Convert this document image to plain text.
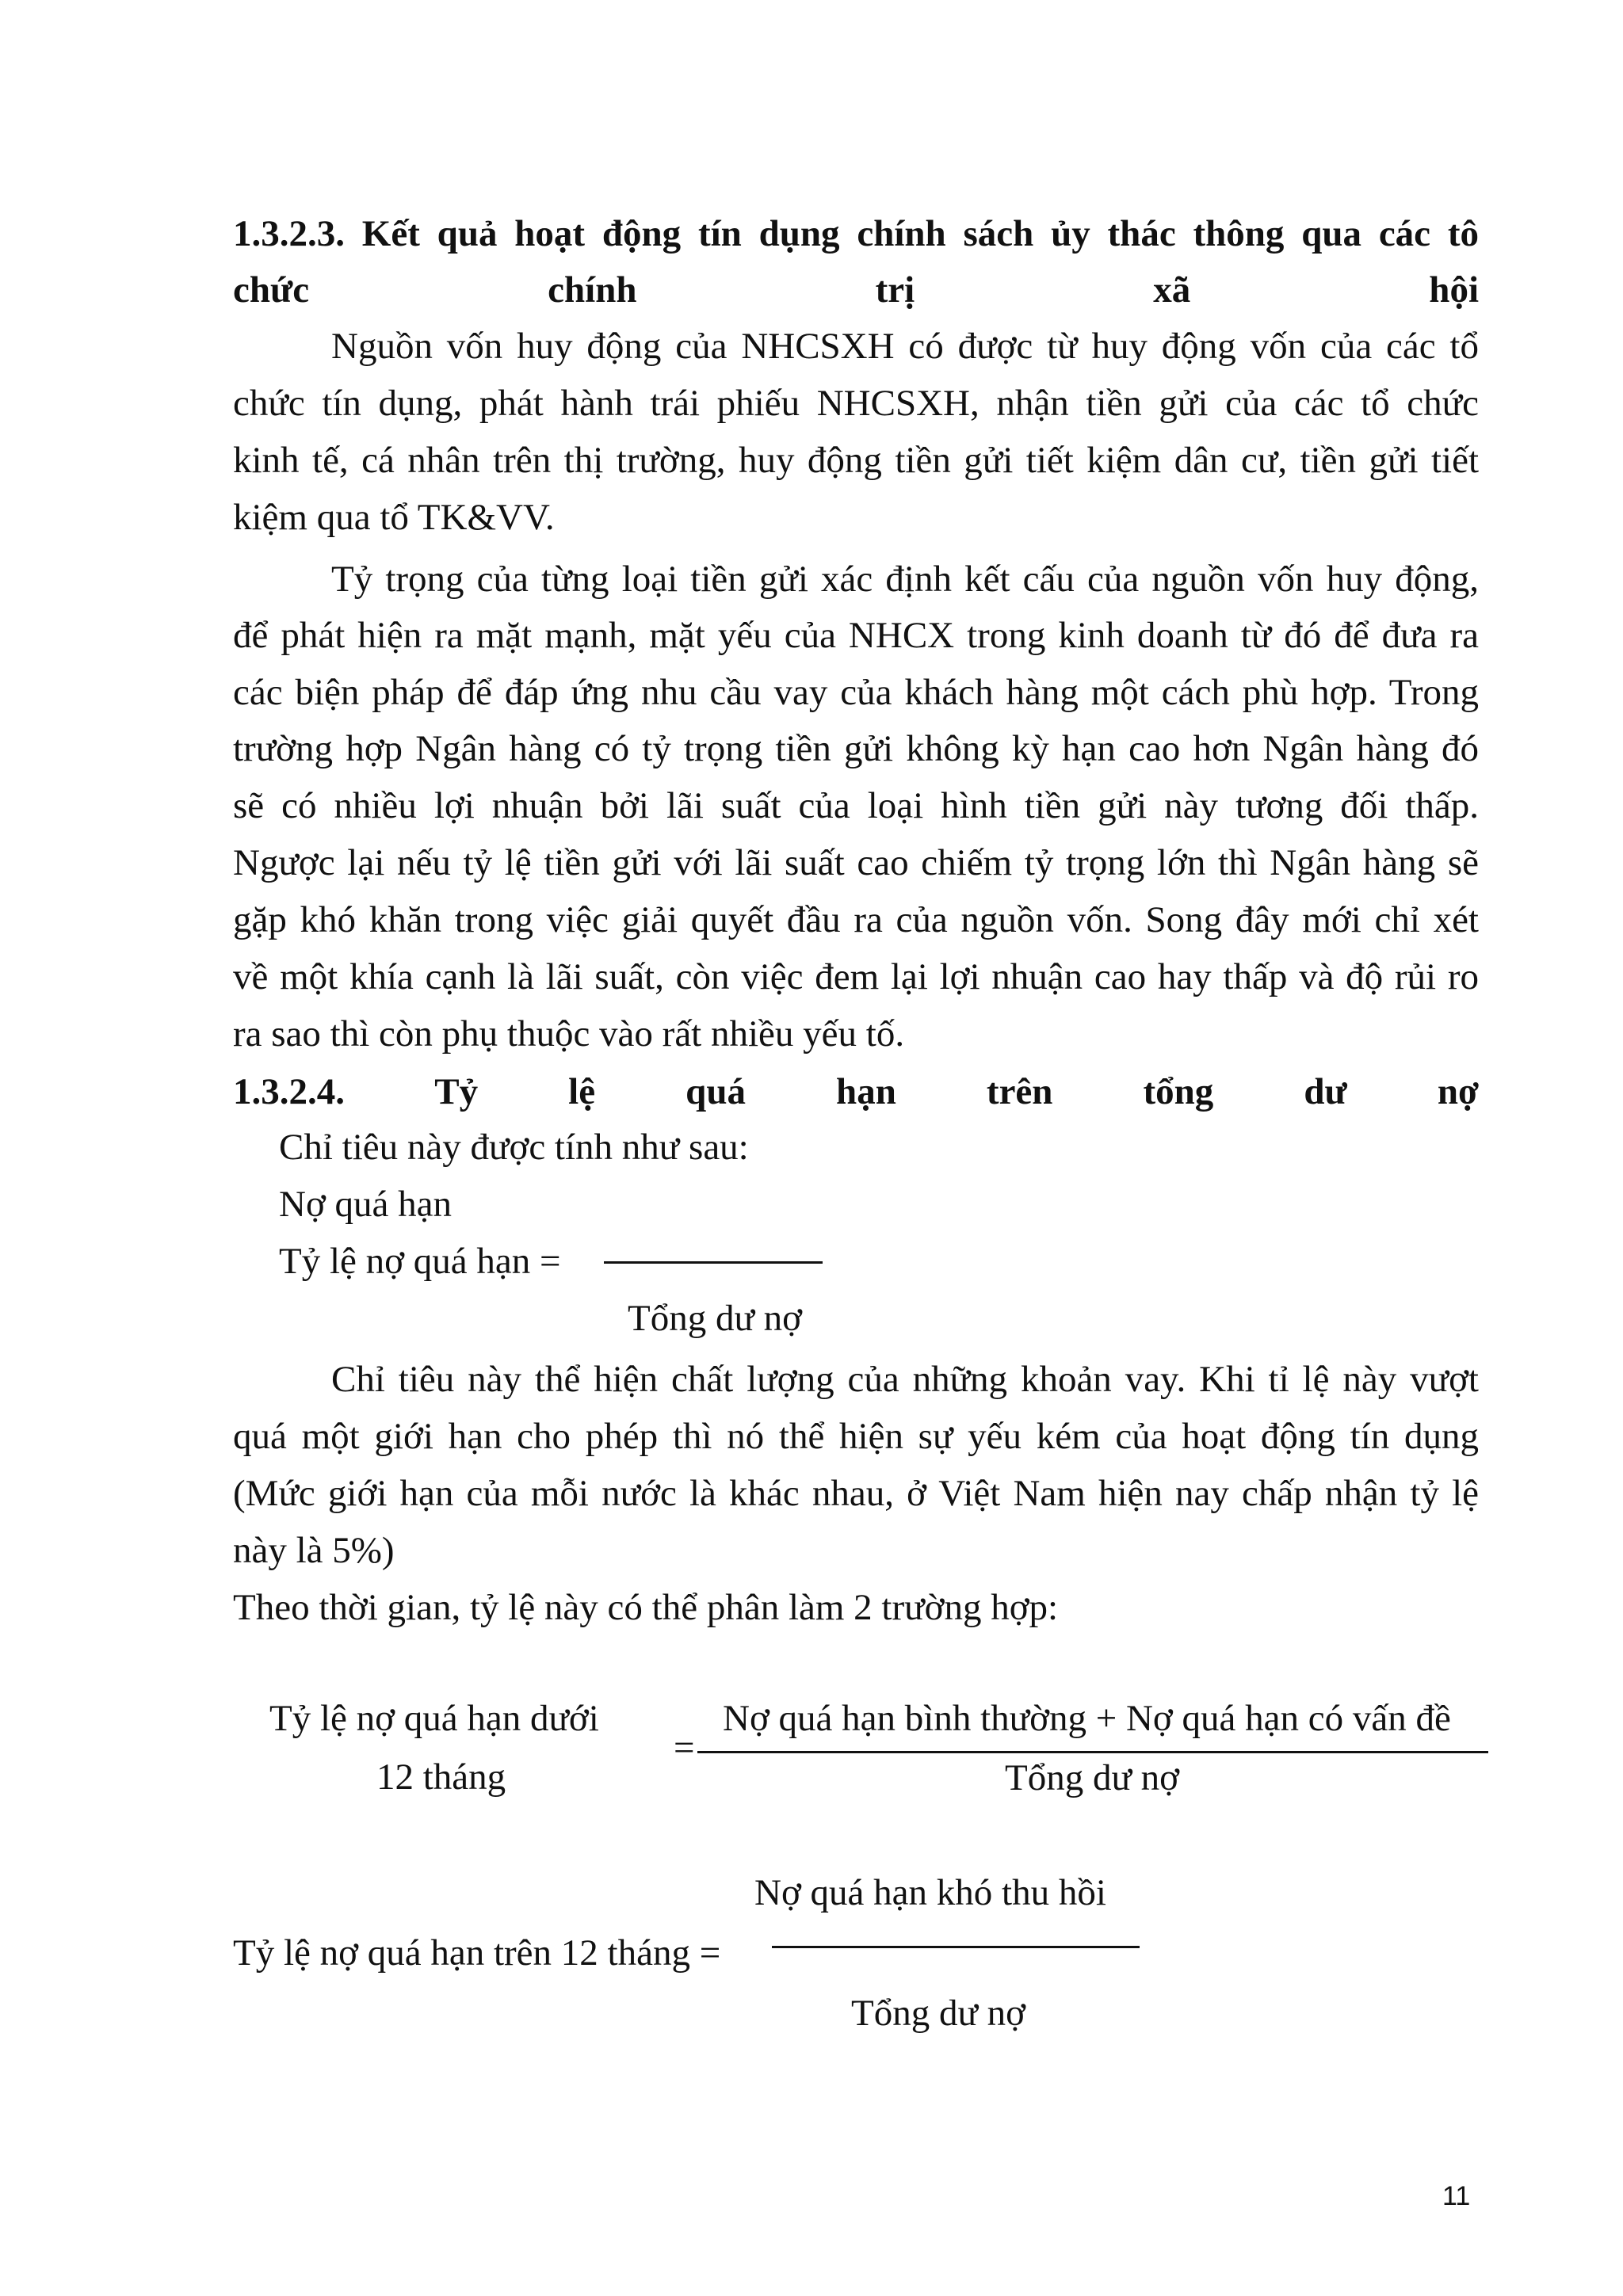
1.3.2.3. Kết quả hoạt động tín dụng chính sách ủy thác thông qua các tô
chức chính trị xã hội
Nguồn vốn huy động của NHCSXH có được từ huy động vốn của các tổ
chức tín dụng, phát hành trái phiếu NHCSXH, nhận tiền gửi của các tổ chức
kinh tế, cá nhân trên thị trường, huy động tiền gửi tiết kiệm dân cư, tiền gửi tiết
kiệm qua tổ TK&VV.
Tỷ trọng của từng loại tiền gửi xác định kết cấu của nguồn vốn huy động,
để phát hiện ra mặt mạnh, mặt yếu của NHCX trong kinh doanh từ đó để đưa ra
các biện pháp để đáp ứng nhu cầu vay của khách hàng một cách phù hợp. Trong
trường hợp Ngân hàng có tỷ trọng tiền gửi không kỳ hạn cao hơn Ngân hàng đó
sẽ có nhiều lợi nhuận bởi lãi suất của loại hình tiền gửi này tương đối thấp.
Ngược lại nếu tỷ lệ tiền gửi với lãi suất cao chiếm tỷ trọng lớn thì Ngân hàng sẽ
gặp khó khăn trong việc giải quyết đầu ra của nguồn vốn. Song đây mới chỉ xét
về một khía cạnh là lãi suất, còn việc đem lại lợi nhuận cao hay thấp và độ rủi ro
ra sao thì còn phụ thuộc vào rất nhiều yếu tố.
1.3.2.4. Tỷ lệ quá hạn trên tổng dư nợ
Chỉ tiêu này được tính như sau:
Nợ quá hạn
Tỷ lệ nợ quá hạn =
Tổng dư nợ
Chỉ tiêu này thể hiện chất lượng của những khoản vay. Khi tỉ lệ này vượt
quá một giới hạn cho phép thì nó thể hiện sự yếu kém của hoạt động tín dụng
(Mức giới hạn của mỗi nước là khác nhau, ở Việt Nam hiện nay chấp nhận tỷ lệ
này là 5%)
Theo thời gian, tỷ lệ này có thể phân làm 2 trường hợp:
Tỷ lệ nợ quá hạn dưới
12 tháng
=
Nợ quá hạn bình thường + Nợ quá hạn có vấn đề
Tổng dư nợ
Nợ quá hạn khó thu hồi
Tỷ lệ nợ quá hạn trên 12 tháng =
Tổng dư nợ
11
